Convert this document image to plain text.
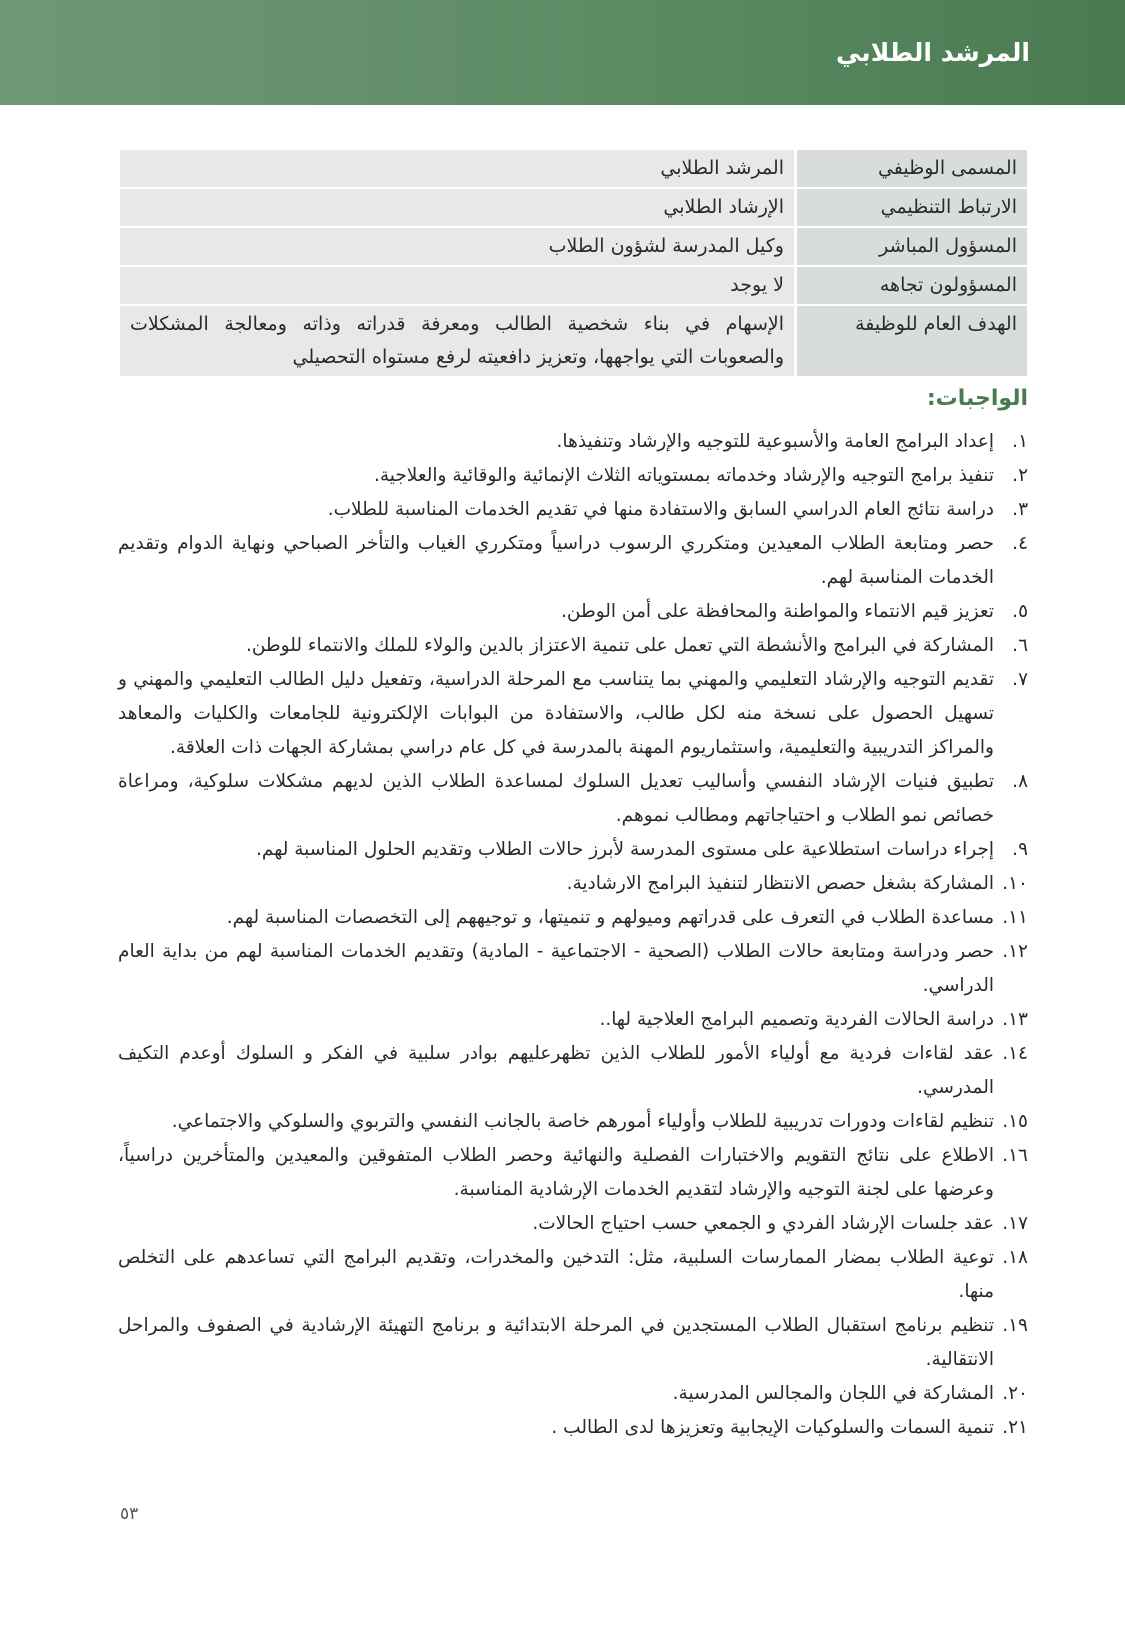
المرشد الطلابي
المسمى الوظيفي	المرشد الطلابي
الارتباط التنظيمي	الإرشاد الطلابي
المسؤول المباشر	وكيل المدرسة لشؤون الطلاب
المسؤولون تجاهه	لا يوجد
الهدف العام للوظيفة	الإسهام في بناء شخصية الطالب ومعرفة قدراته وذاته ومعالجة المشكلات والصعوبات التي يواجهها، وتعزيز دافعيته لرفع مستواه التحصيلي
الواجبات:
١.
إعداد البرامج العامة والأسبوعية للتوجيه والإرشاد وتنفيذها.
٢.
تنفيذ برامج التوجيه والإرشاد وخدماته بمستوياته الثلاث الإنمائية والوقائية والعلاجية.
٣.
دراسة نتائج العام الدراسي السابق والاستفادة منها في تقديم الخدمات المناسبة للطلاب.
٤.
حصر ومتابعة الطلاب المعيدين ومتكرري الرسوب دراسياً ومتكرري الغياب والتأخر الصباحي ونهاية الدوام وتقديم الخدمات المناسبة لهم.
٥.
تعزيز قيم الانتماء والمواطنة والمحافظة على أمن الوطن.
٦.
المشاركة في البرامج والأنشطة التي تعمل على تنمية الاعتزاز بالدين والولاء للملك والانتماء للوطن.
٧.
تقديم التوجيه والإرشاد التعليمي والمهني بما يتناسب مع المرحلة الدراسية، وتفعيل دليل الطالب التعليمي والمهني و تسهيل الحصول على نسخة منه لكل طالب، والاستفادة من البوابات الإلكترونية للجامعات والكليات والمعاهد والمراكز التدريبية والتعليمية، واستثماريوم المهنة بالمدرسة في كل عام دراسي بمشاركة الجهات ذات العلاقة.
٨.
تطبيق فنيات الإرشاد النفسي وأساليب تعديل السلوك لمساعدة الطلاب الذين لديهم مشكلات سلوكية، ومراعاة خصائص نمو الطلاب و احتياجاتهم ومطالب نموهم.
٩.
إجراء دراسات استطلاعية على مستوى المدرسة لأبرز حالات الطلاب وتقديم الحلول المناسبة لهم.
١٠.
المشاركة بشغل حصص الانتظار لتنفيذ البرامج الارشادية.
١١.
مساعدة الطلاب في التعرف على قدراتهم وميولهم و تنميتها، و توجيههم إلى التخصصات المناسبة لهم.
١٢.
حصر ودراسة ومتابعة حالات الطلاب (الصحية - الاجتماعية - المادية) وتقديم الخدمات المناسبة لهم من بداية العام الدراسي.
١٣.
دراسة الحالات الفردية وتصميم البرامج العلاجية لها..
١٤.
عقد لقاءات فردية مع أولياء الأمور للطلاب الذين تظهرعليهم بوادر سلبية في الفكر و السلوك أوعدم التكيف المدرسي.
١٥.
تنظيم لقاءات ودورات تدريبية للطلاب وأولياء أمورهم خاصة بالجانب النفسي والتربوي والسلوكي والاجتماعي.
١٦.
الاطلاع على نتائج التقويم والاختبارات الفصلية والنهائية وحصر الطلاب المتفوقين والمعيدين والمتأخرين دراسياً، وعرضها على لجنة التوجيه والإرشاد لتقديم الخدمات الإرشادية المناسبة.
١٧.
عقد جلسات الإرشاد الفردي و الجمعي حسب احتياج الحالات.
١٨.
توعية الطلاب بمضار الممارسات السلبية، مثل: التدخين والمخدرات، وتقديم البرامج التي تساعدهم على التخلص منها.
١٩.
تنظيم برنامج استقبال الطلاب المستجدين في المرحلة الابتدائية و برنامج التهيئة الإرشادية في الصفوف والمراحل الانتقالية.
٢٠.
المشاركة في اللجان والمجالس المدرسية.
٢١.
تنمية السمات والسلوكيات الإيجابية وتعزيزها لدى الطالب .
٥٣
